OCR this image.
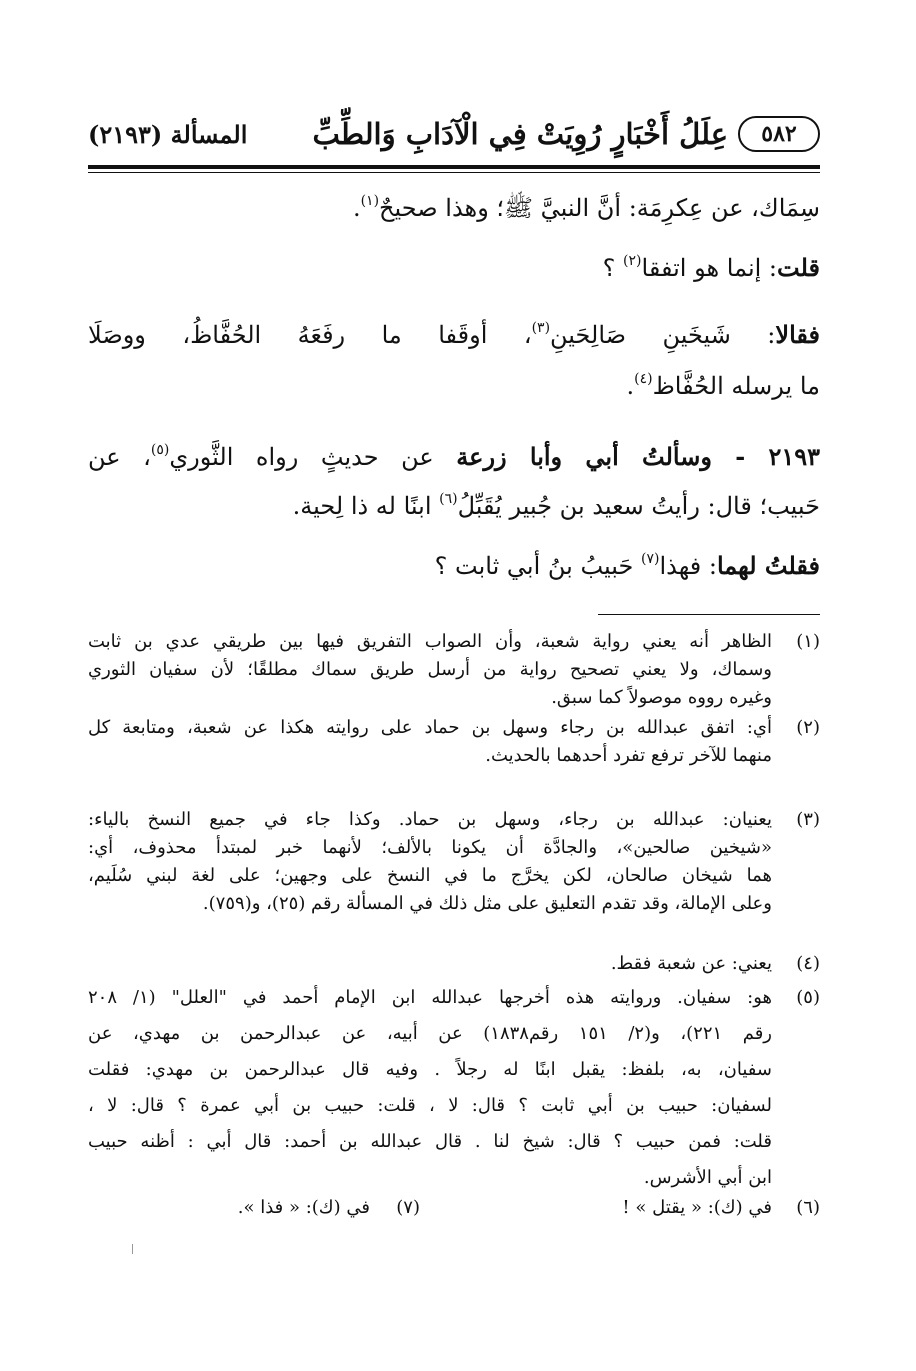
٥٨٢
عِلَلُ أَخْبَارٍ رُوِيَتْ فِي الْآدَابِ وَالطِّبِّ
المسألة (٢١٩٣)
سِمَاك، عن عِكرِمَة: أنَّ النبيَّ ﷺ؛ وهذا صحيحٌ$^{(١)}$.
قلت: إنما هو اتفقا$^{(٢)}$ ؟
فقالا: شَيخَينِ صَالِحَينِ$^{(٣)}$، أوقَفا ما رفَعَهُ الحُفَّاظُ، ووصَلَا
ما يرسله الحُفَّاظ$^{(٤)}$.
٢١٩٣ - وسألتُ أبي وأبا زرعة عن حديثٍ رواه الثَّوري$^{(٥)}$، عن
حَبيب؛ قال: رأيتُ سعيد بن جُبير يُقَبِّلُ$^{(٦)}$ ابنًا له ذا لِحية.
فقلتُ لهما: فهذا$^{(٧)}$ حَبيبُ بنُ أبي ثابت ؟
(١)
الظاهر أنه يعني رواية شعبة، وأن الصواب التفريق فيها بين طريقي عدي بن ثابت
وسماك، ولا يعني تصحيح رواية من أرسل طريق سماك مطلقًا؛ لأن سفيان الثوري
وغيره رووه موصولاً كما سبق.
(٢)
أي: اتفق عبدالله بن رجاء وسهل بن حماد على روايته هكذا عن شعبة، ومتابعة كل
منهما للآخر ترفع تفرد أحدهما بالحديث.
(٣)
يعنيان: عبدالله بن رجاء، وسهل بن حماد. وكذا جاء في جميع النسخ بالياء:
«شيخين صالحين»، والجادَّة أن يكونا بالألف؛ لأنهما خبر لمبتدأ محذوف، أي:
هما شيخان صالحان، لكن يخرَّج ما في النسخ على وجهين؛ على لغة لبني سُلَيم،
وعلى الإمالة، وقد تقدم التعليق على مثل ذلك في المسألة رقم (٢٥)، و(٧٥٩).
(٤)
يعني: عن شعبة فقط.
(٥)
هو: سفيان. وروايته هذه أخرجها عبدالله ابن الإمام أحمد في "العلل" (١/ ٢٠٨
رقم ٢٢١)، و(٢/ ١٥١ رقم١٨٣٨) عن أبيه، عن عبدالرحمن بن مهدي، عن
سفيان، به، بلفظ: يقبل ابنًا له رجلاً . وفيه قال عبدالرحمن بن مهدي: فقلت
لسفيان: حبيب بن أبي ثابت ؟ قال: لا ، قلت: حبيب بن أبي عمرة ؟ قال: لا ،
قلت: فمن حبيب ؟ قال: شيخ لنا . قال عبدالله بن أحمد: قال أبي : أظنه حبيب
ابن أبي الأشرس.
(٦)
في (ك): « يقتل » !
(٧)
في (ك): « فذا ».
